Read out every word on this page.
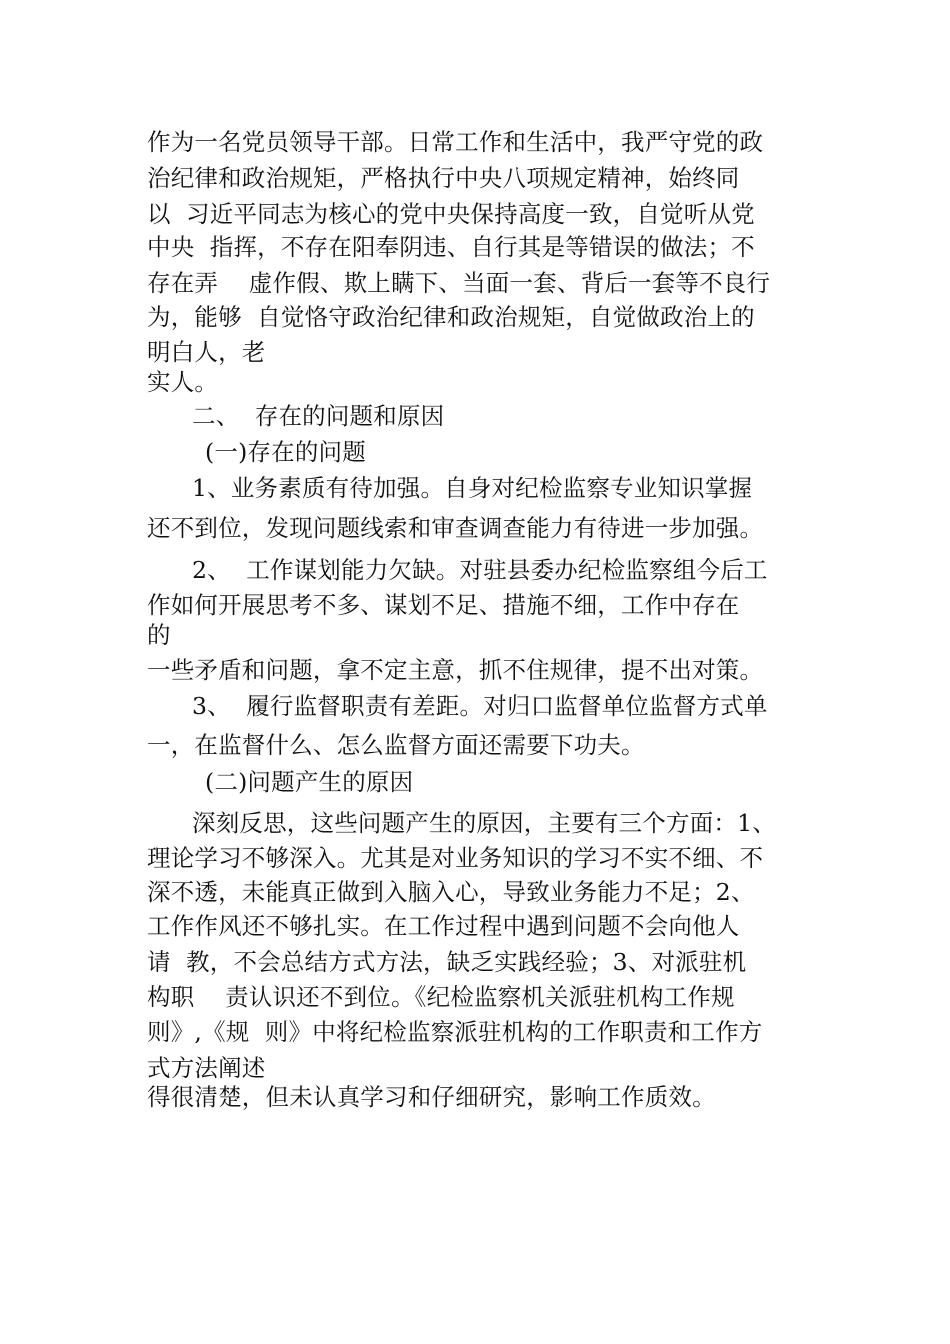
作为一名党员领导干部。日常工作和生活中，我严守党的政
治纪律和政治规矩，严格执行中央八项规定精神，始终同
以  习近平同志为核心的党中央保持高度一致，自觉听从党
中央  指挥，不存在阳奉阴违、自行其是等错误的做法；不
存在弄    虚作假、欺上瞒下、当面一套、背后一套等不良行
为，能够  自觉恪守政治纪律和政治规矩，自觉做政治上的
明白人，老
实人。
二、  存在的问题和原因
(一)存在的问题
1、业务素质有待加强。自身对纪检监察专业知识掌握
还不到位，发现问题线索和审查调查能力有待进一步加强。
2、  工作谋划能力欠缺。对驻县委办纪检监察组今后工
作如何开展思考不多、谋划不足、措施不细，工作中存在
的
一些矛盾和问题，拿不定主意，抓不住规律，提不出对策。
3、  履行监督职责有差距。对归口监督单位监督方式单
一，在监督什么、怎么监督方面还需要下功夫。
(二)问题产生的原因
深刻反思，这些问题产生的原因，主要有三个方面：1、
理论学习不够深入。尤其是对业务知识的学习不实不细、不
深不透，未能真正做到入脑入心，导致业务能力不足；2、
工作作风还不够扎实。在工作过程中遇到问题不会向他人
请  教，不会总结方式方法，缺乏实践经验；3、对派驻机
构职    责认识还不到位。《纪检监察机关派驻机构工作规
则》,《规  则》中将纪检监察派驻机构的工作职责和工作方
式方法阐述
得很清楚，但未认真学习和仔细研究，影响工作质效。
